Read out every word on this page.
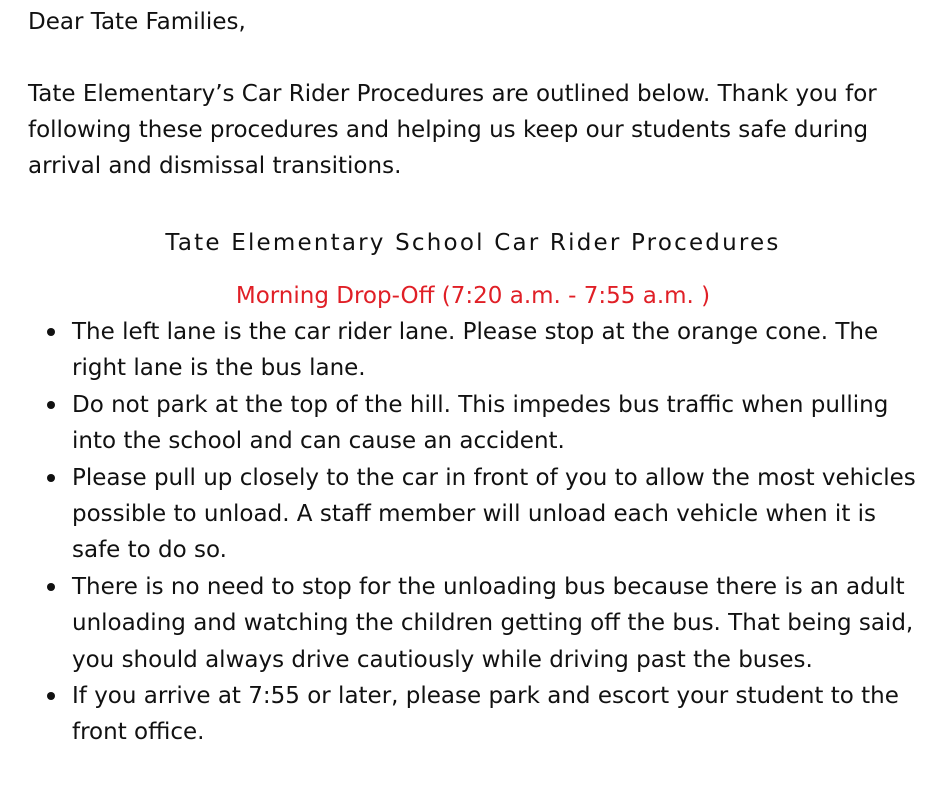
Dear Tate Families,

Tate Elementary’s Car Rider Procedures are outlined below. Thank you for following these procedures and helping us keep our students safe during arrival and dismissal transitions.

Tate Elementary School Car Rider Procedures
Morning Drop-Off (7:20 a.m. - 7:55 a.m. )
The left lane is the car rider lane. Please stop at the orange cone. The right lane is the bus lane.
Do not park at the top of the hill. This impedes bus traffic when pulling into the school and can cause an accident.
Please pull up closely to the car in front of you to allow the most vehicles possible to unload. A staff member will unload each vehicle when it is safe to do so.
There is no need to stop for the unloading bus because there is an adult unloading and watching the children getting off the bus. That being said, you should always drive cautiously while driving past the buses.
If you arrive at 7:55 or later, please park and escort your student to the front office.
